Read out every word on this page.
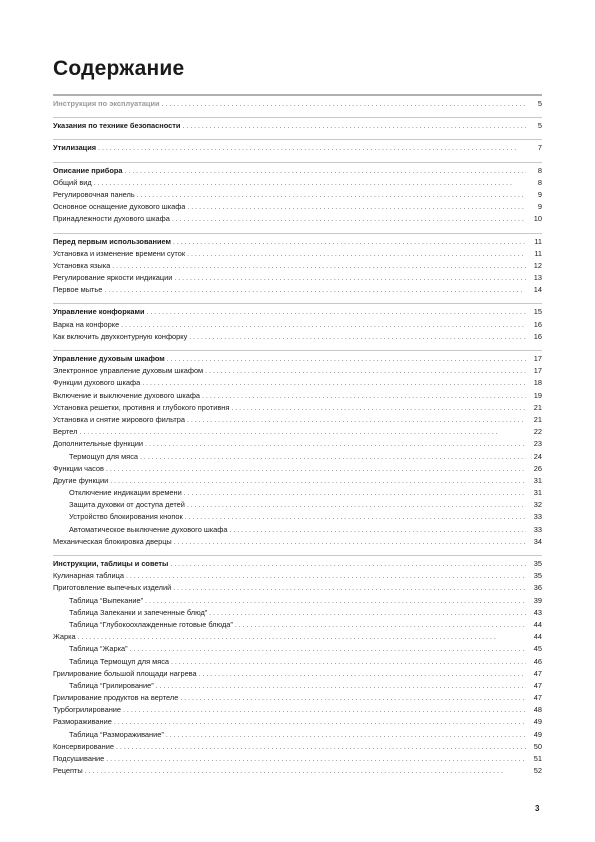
Содержание
Инструкция по эксплуатации . . .	5
Указания по технике безопасности . . .	5
Утилизация . . .	7
Описание прибора . . .	8
Общий вид . . .	8
Регулировочная панель . . .	9
Основное оснащение духового шкафа . . .	9
Принадлежности духового шкафа . . .	10
Перед первым использованием . . .	11
Установка и изменение времени суток . . .	11
Установка языка . . .	12
Регулирование яркости индикации . . .	13
Первое мытье . . .	14
Управление конфорками . . .	15
Варка на конфорке . . .	16
Как включить двухконтурную конфорку . . .	16
Управление духовым шкафом . . .	17
Электронное управление духовым шкафом . . .	17
Функции духового шкафа . . .	18
Включение и выключение духового шкафа . . .	19
Установка решетки, противня и глубокого противня . . .	21
Установка и снятие жирового фильтра . . .	21
Вертел . . .	22
Дополнительные функции . . .	23
Термощуп для мяса . . .	24
Функции часов . . .	26
Другие функции . . .	31
Отключение индикации времени . . .	31
Защита духовки от доступа детей . . .	32
Устройство блокирования кнопок . . .	33
Автоматическое выключение духового шкафа . . .	33
Механическая блокировка дверцы . . .	34
Инструкции, таблицы и советы . . .	35
Кулинарная таблица . . .	35
Приготовление выпечных изделий . . .	36
Таблица “Выпекание” . . .	39
Таблица Запеканки и запеченные блюд” . . .	43
Таблица “Глубокоохлажденные готовые блюда” . . .	44
Жарка . . .	44
Таблица “Жарка” . . .	45
Таблица Термощуп для мяса . . .	46
Грилирование большой площади нагрева . . .	47
Таблица “Грилирование” . . .	47
Грилирование продуктов на вертеле . . .	47
Турбогрилирование . . .	48
Размораживание . . .	49
Таблица “Размораживание” . . .	49
Консервирование . . .	50
Подсушивание . . .	51
Рецепты . . .	52
3
